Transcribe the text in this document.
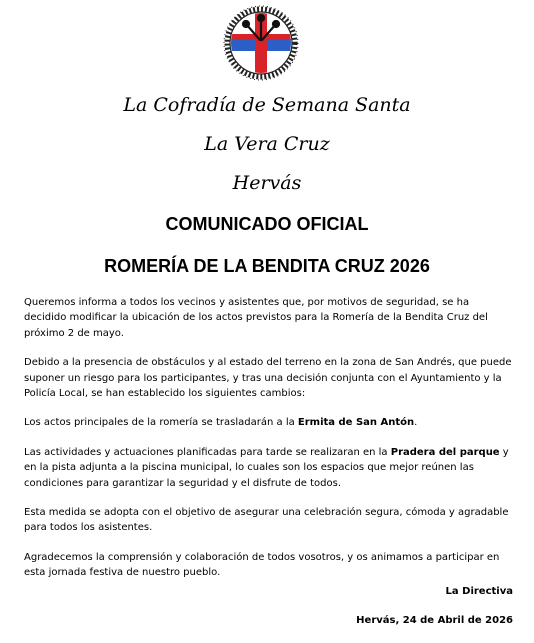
La Cofradía de Semana Santa
La Vera Cruz
Hervás
COMUNICADO OFICIAL
ROMERÍA DE LA BENDITA CRUZ 2026

Queremos informa a todos los vecinos y asistentes que, por motivos de seguridad, se ha decidido modificar la ubicación de los actos previstos para la Romería de la Bendita Cruz del próximo 2 de mayo.

Debido a la presencia de obstáculos y al estado del terreno en la zona de San Andrés, que puede suponer un riesgo para los participantes, y tras una decisión conjunta con el Ayuntamiento y la Policía Local, se han establecido los siguientes cambios:

Los actos principales de la romería se trasladarán a la Ermita de San Antón.

Las actividades y actuaciones planificadas para tarde se realizaran en la Pradera del parque y en la pista adjunta a la piscina municipal, lo cuales son los espacios que mejor reúnen las condiciones para garantizar la seguridad y el disfrute de todos.

Esta medida se adopta con el objetivo de asegurar una celebración segura, cómoda y agradable para todos los asistentes.

Agradecemos la comprensión y colaboración de todos vosotros, y os animamos a participar en esta jornada festiva de nuestro pueblo.

La Directiva
Hervás, 24 de Abril de 2026
